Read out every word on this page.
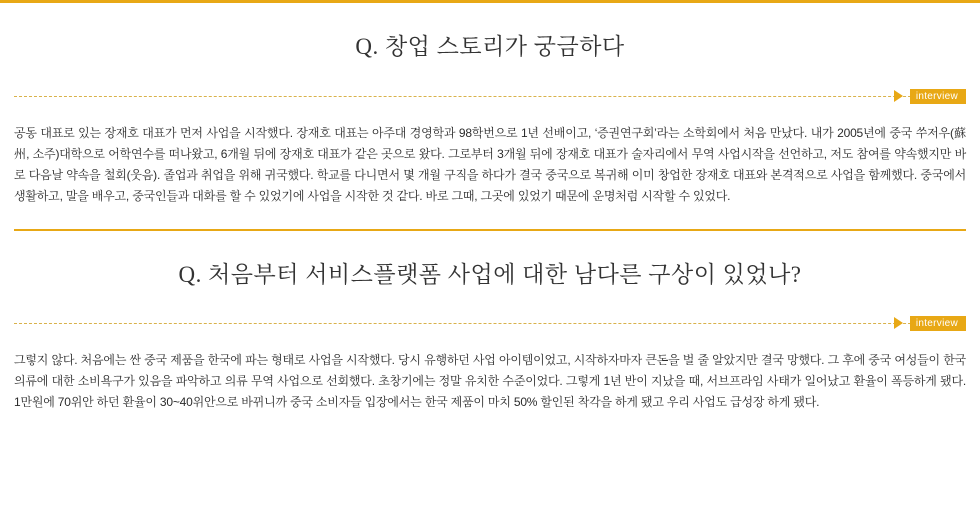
Q. 창업 스토리가 궁금하다
interview
공동 대표로 있는 장재호 대표가 먼저 사업을 시작했다. 장재호 대표는 아주대 경영학과 98학번으로 1년 선배이고, ‘증권연구회’라는 소학회에서 처음 만났다. 내가 2005년에 중국 쑤저우(蘇州, 소주)대학으로 어학연수를 떠나왔고, 6개월 뒤에 장재호 대표가 같은 곳으로 왔다. 그로부터 3개월 뒤에 장재호 대표가 술자리에서 무역 사업시작을 선언하고, 저도 참여를 약속했지만 바로 다음날 약속을 철회(웃음). 졸업과 취업을 위해 귀국했다. 학교를 다니면서 몇 개월 구직을 하다가 결국 중국으로 복귀해 이미 창업한 장재호 대표와 본격적으로 사업을 함께했다. 중국에서 생활하고, 말을 배우고, 중국인들과 대화를 할 수 있었기에 사업을 시작한 것 같다. 바로 그때, 그곳에 있었기 때문에 운명처럼 시작할 수 있었다.
Q. 처음부터 서비스플랫폼 사업에 대한 남다른 구상이 있었나?
interview
그렇지 않다. 처음에는 싼 중국 제품을 한국에 파는 형태로 사업을 시작했다. 당시 유행하던 사업 아이템이었고, 시작하자마자 큰돈을 벌 줄 알았지만 결국 망했다. 그 후에 중국 여성들이 한국 의류에 대한 소비욕구가 있음을 파악하고 의류 무역 사업으로 선회했다. 초창기에는 정말 유치한 수준이었다. 그렇게 1년 반이 지났을 때, 서브프라임 사태가 일어났고 환율이 폭등하게 됐다. 1만원에 70위안 하던 환율이 30~40위안으로 바뀌니까 중국 소비자들 입장에서는 한국 제품이 마치 50% 할인된 착각을 하게 됐고 우리 사업도 급성장 하게 됐다.
